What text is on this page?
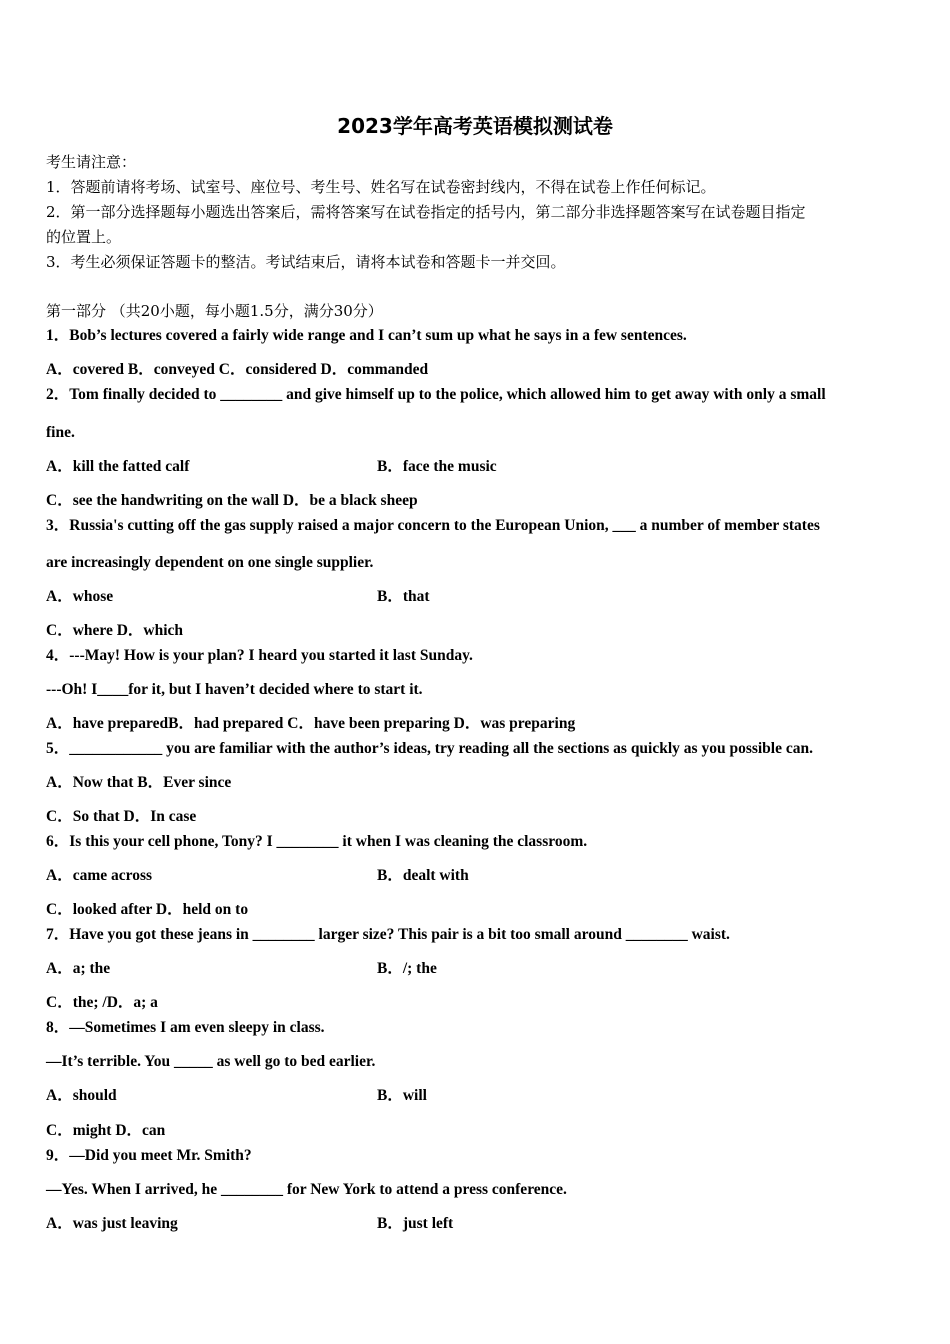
2023学年高考英语模拟测试卷
考生请注意：
1．答题前请将考场、试室号、座位号、考生号、姓名写在试卷密封线内，不得在试卷上作任何标记。
2．第一部分选择题每小题选出答案后，需将答案写在试卷指定的括号内，第二部分非选择题答案写在试卷题目指定
的位置上。
3．考生必须保证答题卡的整洁。考试结束后，请将本试卷和答题卡一并交回。
第一部分 （共20小题，每小题1.5分，满分30分）
1．Bob’s lectures covered a fairly wide range and I can’t sum up what he says in a few sentences.
A．covered B．conveyed C．considered D．commanded
2．Tom finally decided to ________ and give himself up to the police, which allowed him to get away with only a small
fine.
A．kill the fatted calf	B．face the music
C．see the handwriting on the wall D．be a black sheep
3．Russia's cutting off the gas supply raised a major concern to the European Union, ___ a number of member states
are increasingly dependent on one single supplier.
A．whose	B．that
C．where D．which
4．---May! How is your plan? I heard you started it last Sunday.
---Oh! I____for it, but I haven’t decided where to start it.
A．have preparedB．had prepared C．have been preparing D．was preparing
5．____________ you are familiar with the author’s ideas, try reading all the sections as quickly as you possible can.
A．Now that B．Ever since
C．So that D．In case
6．Is this your cell phone, Tony? I ________ it when I was cleaning the classroom.
A．came across	B．dealt with
C．looked after D．held on to
7．Have you got these jeans in ________ larger size? This pair is a bit too small around ________ waist.
A．a; the	B．/; the
C．the; /D．a; a
8．—Sometimes I am even sleepy in class.
—It’s terrible. You _____ as well go to bed earlier.
A．should	B．will
C．might D．can
9．—Did you meet Mr. Smith?
—Yes. When I arrived, he ________ for New York to attend a press conference.
A．was just leaving	B．just left
